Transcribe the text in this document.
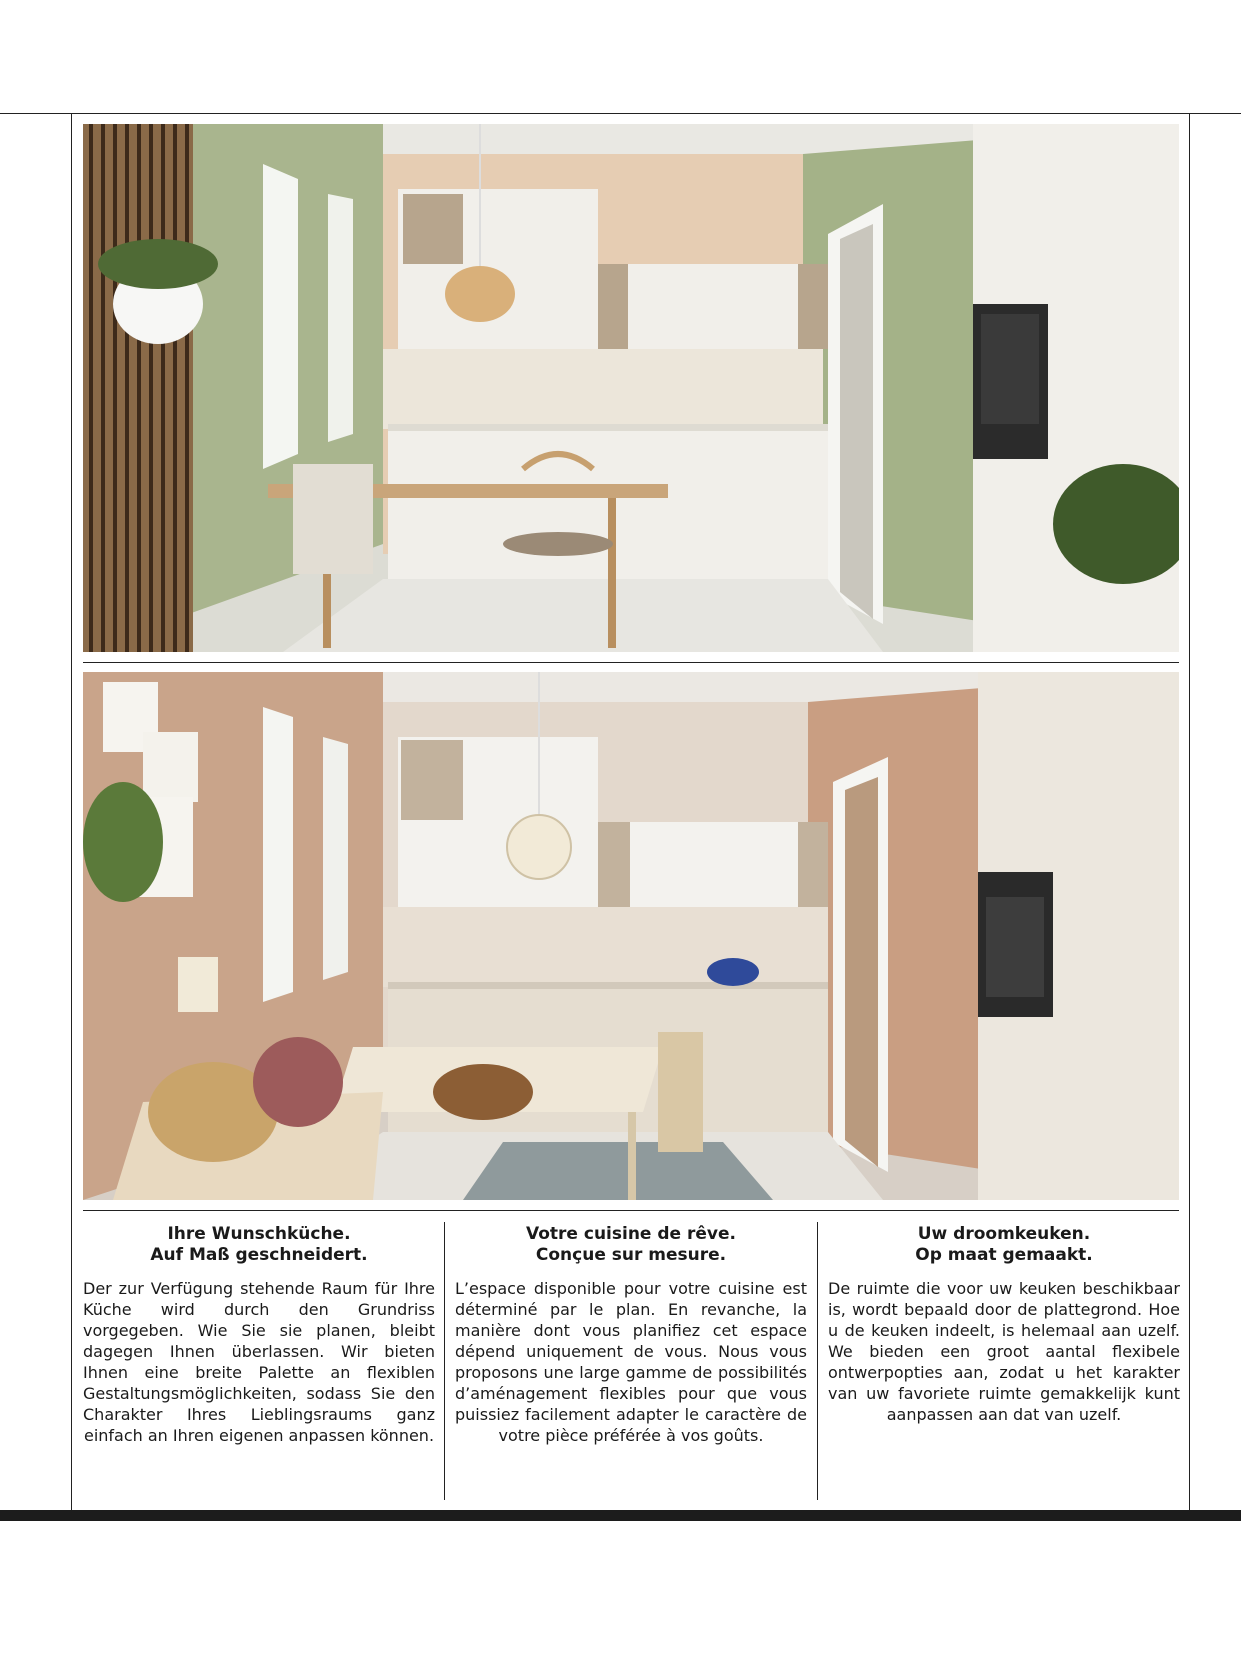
Ihre Wunschküche.
Auf Maß geschneidert.

Der zur Verfügung stehende Raum für Ihre Küche wird durch den Grundriss vorgegeben. Wie Sie sie planen, bleibt dagegen Ihnen überlassen. Wir bieten Ihnen eine breite Palette an flexiblen Gestaltungsmöglichkeiten, sodass Sie den Charakter Ihres Lieblingsraums ganz einfach an Ihren eigenen anpassen können.

Votre cuisine de rêve.
Conçue sur mesure.

L’espace disponible pour votre cuisine est déterminé par le plan. En revanche, la manière dont vous planifiez cet espace dépend uniquement de vous. Nous vous proposons une large gamme de possibilités d’aménagement flexibles pour que vous puissiez facilement adapter le caractère de votre pièce préférée à vos goûts.

Uw droomkeuken.
Op maat gemaakt.

De ruimte die voor uw keuken beschikbaar is, wordt bepaald door de plattegrond. Hoe u de keuken indeelt, is helemaal aan uzelf. We bieden een groot aantal flexibele ontwerpopties aan, zodat u het karakter van uw favoriete ruimte gemakkelijk kunt aanpassen aan dat van uzelf.
